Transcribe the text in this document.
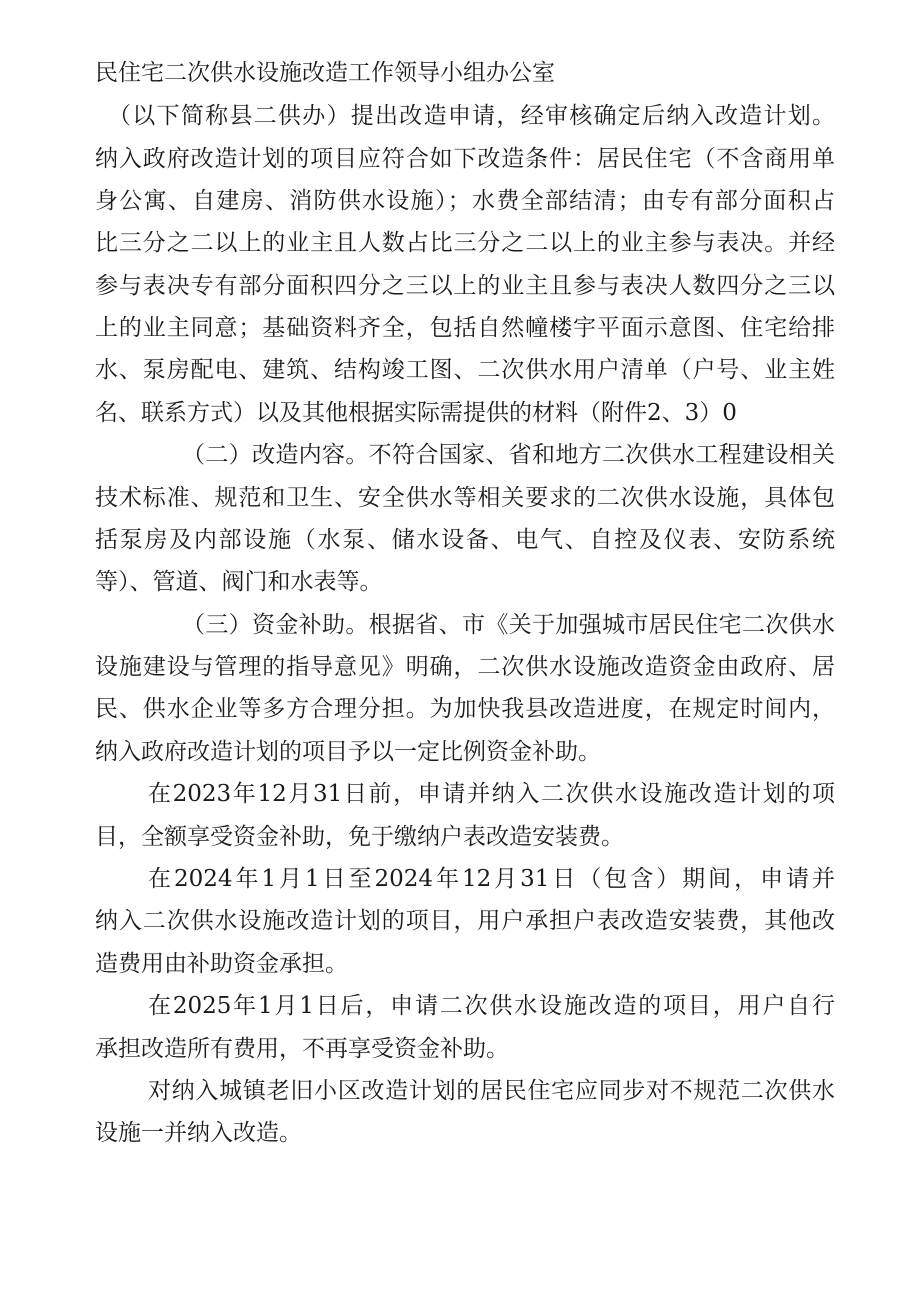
民住宅二次供水设施改造工作领导小组办公室
（以下简称县二供办）提出改造申请，经审核确定后纳入改造计划。
纳入政府改造计划的项目应符合如下改造条件：居民住宅（不含商用单
身公寓、自建房、消防供水设施）；水费全部结清；由专有部分面积占
比三分之二以上的业主且人数占比三分之二以上的业主参与表决。并经
参与表决专有部分面积四分之三以上的业主且参与表决人数四分之三以
上的业主同意；基础资料齐全，包括自然幢楼宇平面示意图、住宅给排
水、泵房配电、建筑、结构竣工图、二次供水用户清单（户号、业主姓
名、联系方式）以及其他根据实际需提供的材料（附件2、3）0
（二）改造内容。不符合国家、省和地方二次供水工程建设相关
技术标准、规范和卫生、安全供水等相关要求的二次供水设施，具体包
括泵房及内部设施（水泵、储水设备、电气、自控及仪表、安防系统
等）、管道、阀门和水表等。
（三）资金补助。根据省、市《关于加强城市居民住宅二次供水
设施建设与管理的指导意见》明确，二次供水设施改造资金由政府、居
民、供水企业等多方合理分担。为加快我县改造进度，在规定时间内，
纳入政府改造计划的项目予以一定比例资金补助。
在2023年12月31日前，申请并纳入二次供水设施改造计划的项
目，全额享受资金补助，免于缴纳户表改造安装费。
在2024年1月1日至2024年12月31日（包含）期间，申请并
纳入二次供水设施改造计划的项目，用户承担户表改造安装费，其他改
造费用由补助资金承担。
在2025年1月1日后，申请二次供水设施改造的项目，用户自行
承担改造所有费用，不再享受资金补助。
对纳入城镇老旧小区改造计划的居民住宅应同步对不规范二次供水
设施一并纳入改造。
